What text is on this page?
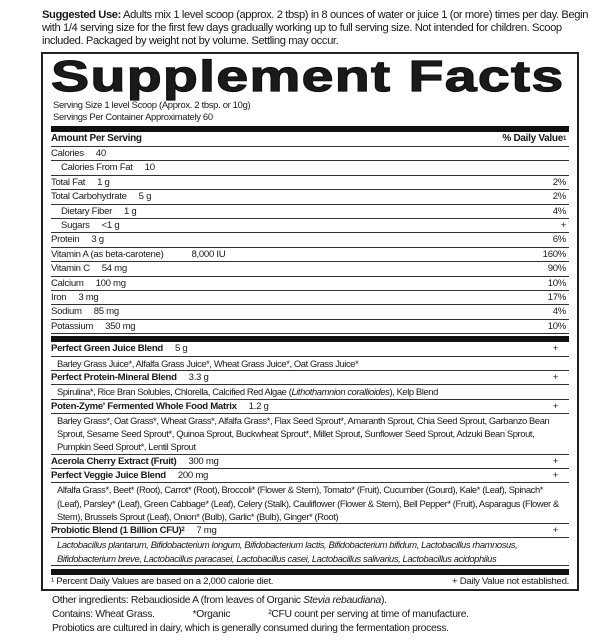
Suggested Use: Adults mix 1 level scoop (approx. 2 tbsp) in 8 ounces of water or juice 1 (or more) times per day. Begin with 1/4 serving size for the first few days gradually working up to full serving size. Not intended for children. Scoop included. Packaged by weight not by volume. Settling may occur.
Supplement Facts
Serving Size 1 level Scoop (Approx. 2 tbsp. or 10g)
Servings Per Container Approximately 60
Amount Per Serving	% Daily Value$^1$
Calories 40
Calories From Fat 10
Total Fat 1 g	2%
Total Carbohydrate 5 g	2%
Dietary Fiber 1 g	4%
Sugars <1 g	+
Protein 3 g	6%
Vitamin A (as beta-carotene)	8,000 IU	160%
Vitamin C 54 mg	90%
Calcium 100 mg	10%
Iron 3 mg	17%
Sodium 85 mg	4%
Potassium 350 mg	10%
Perfect Green Juice Blend 5 g	+
Barley Grass Juice*, Alfalfa Grass Juice*, Wheat Grass Juice*, Oat Grass Juice*
Perfect Protein-Mineral Blend 3.3 g	+
Spirulina*, Rice Bran Solubles, Chlorella, Calcified Red Algae (Lithothamnion corallioides), Kelp Blend
Poten-Zyme' Fermented Whole Food Matrix 1.2 g	+
Barley Grass*, Oat Grass*, Wheat Grass*, Alfalfa Grass*, Flax Seed Sprout*, Amaranth Sprout, Chia Seed Sprout, Garbanzo Bean Sprout, Sesame Seed Sprout*, Quinoa Sprout, Buckwheat Sprout*, Millet Sprout, Sunflower Seed Sprout, Adzuki Bean Sprout, Pumpkin Seed Sprout*, Lentil Sprout
Acerola Cherry Extract (Fruit) 300 mg	+
Perfect Veggie Juice Blend 200 mg	+
Alfalfa Grass*, Beet* (Root), Carrot* (Root), Broccoli* (Flower & Stem), Tomato* (Fruit), Cucumber (Gourd), Kale* (Leaf), Spinach* (Leaf), Parsley* (Leaf), Green Cabbage* (Leaf), Celery (Stalk), Cauliflower (Flower & Stem), Bell Pepper* (Fruit), Asparagus (Flower & Stem), Brussels Sprout (Leaf), Onion* (Bulb), Garlic* (Bulb), Ginger* (Root)
Probiotic Blend (1 Billion CFU)$^2$ 7 mg	+
Lactobacillus plantarum, Bifidobacterium longum, Bifidobacterium lactis, Bifidobacterium bifidum, Lactobacillus rhamnosus, Bifidobacterium breve, Lactobacillus paracasei, Lactobacillus casei, Lactobacillus salivarius, Lactobacillus acidophilus
¹ Percent Daily Values are based on a 2,000 calorie diet.	+ Daily Value not established.
Other ingredients: Rebaudioside A (from leaves of Organic Stevia rebaudiana).
Contains: Wheat Grass.	*Organic	²CFU count per serving at time of manufacture.
Probiotics are cultured in dairy, which is generally consumed during the fermentation process.
